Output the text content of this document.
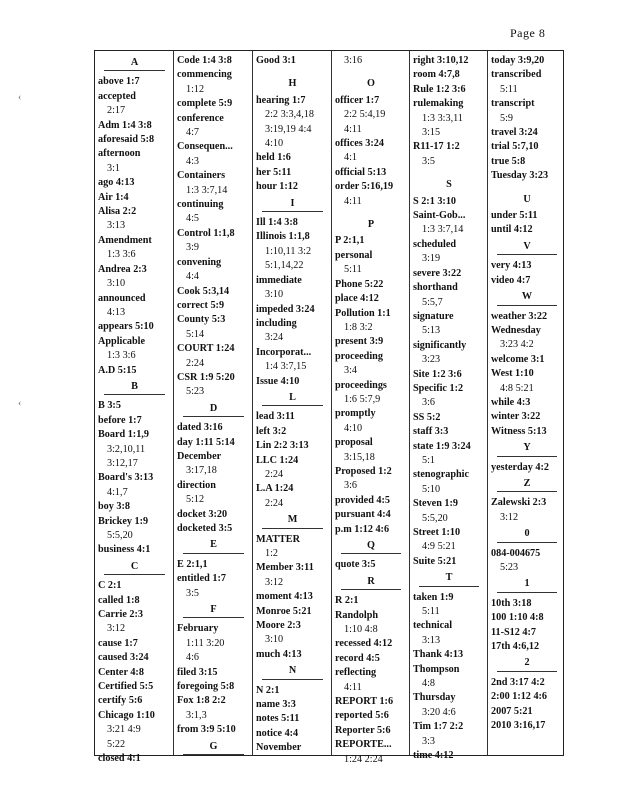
Page 8
‹
‹
A
above 1:7
accepted
2:17
Adm 1:4 3:8
aforesaid 5:8
afternoon
3:1
ago 4:13
Air 1:4
Alisa 2:2
3:13
Amendment
1:3 3:6
Andrea 2:3
3:10
announced
4:13
appears 5:10
Applicable
1:3 3:6
A.D 5:15
B
B 3:5
before 1:7
Board 1:1,9
3:2,10,11
3:12,17
Board's 3:13
4:1,7
boy 3:8
Brickey 1:9
5:5,20
business 4:1
C
C 2:1
called 1:8
Carrie 2:3
3:12
cause 1:7
caused 3:24
Center 4:8
Certified 5:5
certify 5:6
Chicago 1:10
3:21 4:9
5:22
closed 4:1
Code 1:4 3:8
commencing
1:12
complete 5:9
conference
4:7
Consequen...
4:3
Containers
1:3 3:7,14
continuing
4:5
Control 1:1,8
3:9
convening
4:4
Cook 5:3,14
correct 5:9
County 5:3
5:14
COURT 1:24
2:24
CSR 1:9 5:20
5:23
D
dated 3:16
day 1:11 5:14
December
3:17,18
direction
5:12
docket 3:20
docketed 3:5
E
E 2:1,1
entitled 1:7
3:5
F
February
1:11 3:20
4:6
filed 3:15
foregoing 5:8
Fox 1:8 2:2
3:1,3
from 3:9 5:10
G
Good 3:1
H
hearing 1:7
2:2 3:3,4,18
3:19,19 4:4
4:10
held 1:6
her 5:11
hour 1:12
I
Ill 1:4 3:8
Illinois 1:1,8
1:10,11 3:2
5:1,14,22
immediate
3:10
impeded 3:24
including
3:24
Incorporat...
1:4 3:7,15
Issue 4:10
L
lead 3:11
left 3:2
Lin 2:2 3:13
LLC 1:24
2:24
L.A 1:24
2:24
M
MATTER
1:2
Member 3:11
3:12
moment 4:13
Monroe 5:21
Moore 2:3
3:10
much 4:13
N
N 2:1
name 3:3
notes 5:11
notice 4:4
November
3:16
O
officer 1:7
2:2 5:4,19
4:11
offices 3:24
4:1
official 5:13
order 5:16,19
4:11
P
P 2:1,1
personal
5:11
Phone 5:22
place 4:12
Pollution 1:1
1:8 3:2
present 3:9
proceeding
3:4
proceedings
1:6 5:7,9
promptly
4:10
proposal
3:15,18
Proposed 1:2
3:6
provided 4:5
pursuant 4:4
p.m 1:12 4:6
Q
quote 3:5
R
R 2:1
Randolph
1:10 4:8
recessed 4:12
record 4:5
reflecting
4:11
REPORT 1:6
reported 5:6
Reporter 5:6
REPORTE...
1:24 2:24
right 3:10,12
room 4:7,8
Rule 1:2 3:6
rulemaking
1:3 3:3,11
3:15
R11-17 1:2
3:5
S
S 2:1 3:10
Saint-Gob...
1:3 3:7,14
scheduled
3:19
severe 3:22
shorthand
5:5,7
signature
5:13
significantly
3:23
Site 1:2 3:6
Specific 1:2
3:6
SS 5:2
staff 3:3
state 1:9 3:24
5:1
stenographic
5:10
Steven 1:9
5:5,20
Street 1:10
4:9 5:21
Suite 5:21
T
taken 1:9
5:11
technical
3:13
Thank 4:13
Thompson
4:8
Thursday
3:20 4:6
Tim 1:7 2:2
3:3
time 4:12
today 3:9,20
transcribed
5:11
transcript
5:9
travel 3:24
trial 5:7,10
true 5:8
Tuesday 3:23
U
under 5:11
until 4:12
V
very 4:13
video 4:7
W
weather 3:22
Wednesday
3:23 4:2
welcome 3:1
West 1:10
4:8 5:21
while 4:3
winter 3:22
Witness 5:13
Y
yesterday 4:2
Z
Zalewski 2:3
3:12
0
084-004675
5:23
1
10th 3:18
100 1:10 4:8
11-S12 4:7
17th 4:6,12
2
2nd 3:17 4:2
2:00 1:12 4:6
2007 5:21
2010 3:16,17
